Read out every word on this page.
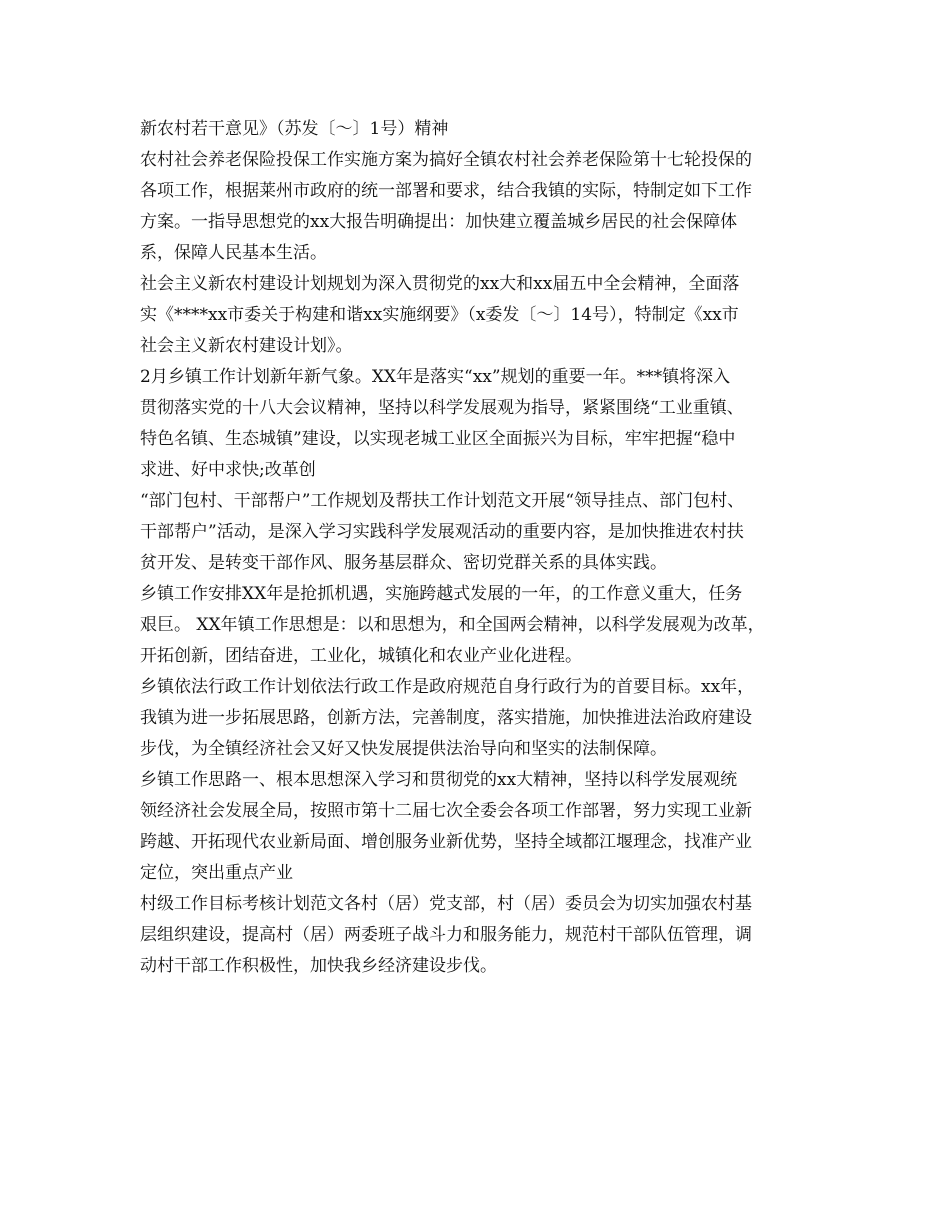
新农村若干意见》（苏发〔～〕1号）精神
农村社会养老保险投保工作实施方案为搞好全镇农村社会养老保险第十七轮投保的
各项工作，根据莱州市政府的统一部署和要求，结合我镇的实际，特制定如下工作
方案。一指导思想党的xx大报告明确提出：加快建立覆盖城乡居民的社会保障体
系，保障人民基本生活。
社会主义新农村建设计划规划为深入贯彻党的xx大和xx届五中全会精神，全面落
实《****xx市委关于构建和谐xx实施纲要》（x委发〔～〕14号），特制定《xx市
社会主义新农村建设计划》。
2月乡镇工作计划新年新气象。XX年是落实“xx”规划的重要一年。***镇将深入
贯彻落实党的十八大会议精神，坚持以科学发展观为指导，紧紧围绕“工业重镇、
特色名镇、生态城镇”建设，以实现老城工业区全面振兴为目标，牢牢把握“稳中
求进、好中求快;改革创
“部门包村、干部帮户”工作规划及帮扶工作计划范文开展“领导挂点、部门包村、
干部帮户”活动，是深入学习实践科学发展观活动的重要内容，是加快推进农村扶
贫开发、是转变干部作风、服务基层群众、密切党群关系的具体实践。
乡镇工作安排XX年是抢抓机遇，实施跨越式发展的一年，的工作意义重大，任务
艰巨。 XX年镇工作思想是：以和思想为，和全国两会精神，以科学发展观为改革，
开拓创新，团结奋进，工业化，城镇化和农业产业化进程。
乡镇依法行政工作计划依法行政工作是政府规范自身行政行为的首要目标。xx年，
我镇为进一步拓展思路，创新方法，完善制度，落实措施，加快推进法治政府建设
步伐，为全镇经济社会又好又快发展提供法治导向和坚实的法制保障。
乡镇工作思路一、根本思想深入学习和贯彻党的xx大精神，坚持以科学发展观统
领经济社会发展全局，按照市第十二届七次全委会各项工作部署，努力实现工业新
跨越、开拓现代农业新局面、增创服务业新优势，坚持全域都江堰理念，找准产业
定位，突出重点产业
村级工作目标考核计划范文各村（居）党支部，村（居）委员会为切实加强农村基
层组织建设，提高村（居）两委班子战斗力和服务能力，规范村干部队伍管理，调
动村干部工作积极性，加快我乡经济建设步伐。
